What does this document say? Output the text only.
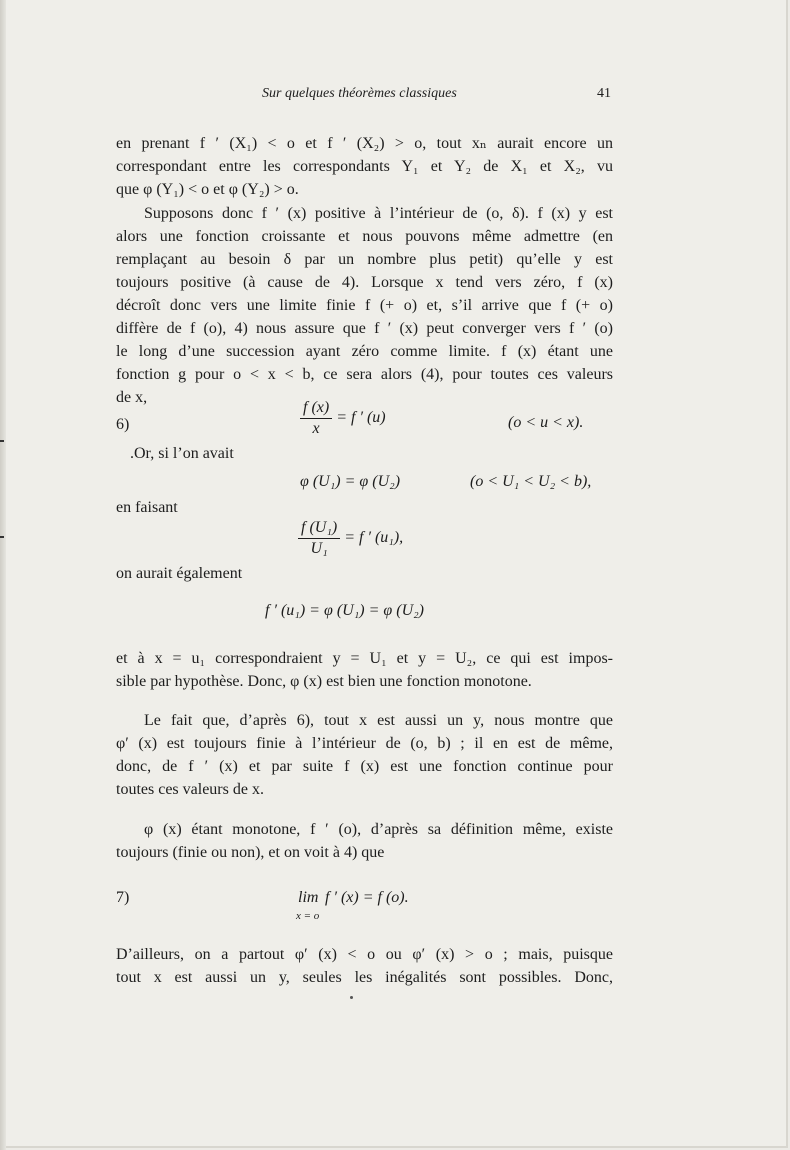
Sur quelques théorèmes classiques	41
en prenant f ′ (X₁) < o et f ′ (X₂) > o, tout xₙ aurait encore un
correspondant entre les correspondants Y₁ et Y₂ de X₁ et X₂, vu
que φ (Y₁) < o et φ (Y₂) > o.
Supposons donc f ′ (x) positive à l’intérieur de (o, δ). f (x) y est
alors une fonction croissante et nous pouvons même admettre (en
remplaçant au besoin δ par un nombre plus petit) qu’elle y est
toujours positive (à cause de 4). Lorsque x tend vers zéro, f (x)
décroît donc vers une limite finie f (+ o) et, s’il arrive que f (+ o)
diffère de f (o), 4) nous assure que f ′ (x) peut converger vers f ′ (o)
le long d’une succession ayant zéro comme limite. f (x) étant une
fonction g pour o < x < b, ce sera alors (4), pour toutes ces valeurs
de x,
6)	$\frac{f (x)}{x} = f$ ′ (u)	(o < u < x).
.Or, si l’on avait
φ (U₁) = φ (U₂)	(o < U₁ < U₂ < b),
en faisant
$\frac{\text{f (U₁)}}{\text{U₁}} = f$ ′ (u₁),
on aurait également
f ′ (u₁) = φ (U₁) = φ (U₂)
et à x = u₁ correspondraient y = U₁ et y = U₂, ce qui est impos-
sible par hypothèse. Donc, φ (x) est bien une fonction monotone.
Le fait que, d’après 6), tout x est aussi un y, nous montre que
φ′ (x) est toujours finie à l’intérieur de (o, b) ; il en est de même,
donc, de f ′ (x) et par suite f (x) est une fonction continue pour
toutes ces valeurs de x.
φ (x) étant monotone, f ′ (o), d’après sa définition même, existe
toujours (finie ou non), et on voit à 4) que
7)	lim
x = o
f ′ (x) = f (o).
D’ailleurs, on a partout φ′ (x) < o ou φ′ (x) > o ; mais, puisque
tout x est aussi un y, seules les inégalités sont possibles. Donc,
